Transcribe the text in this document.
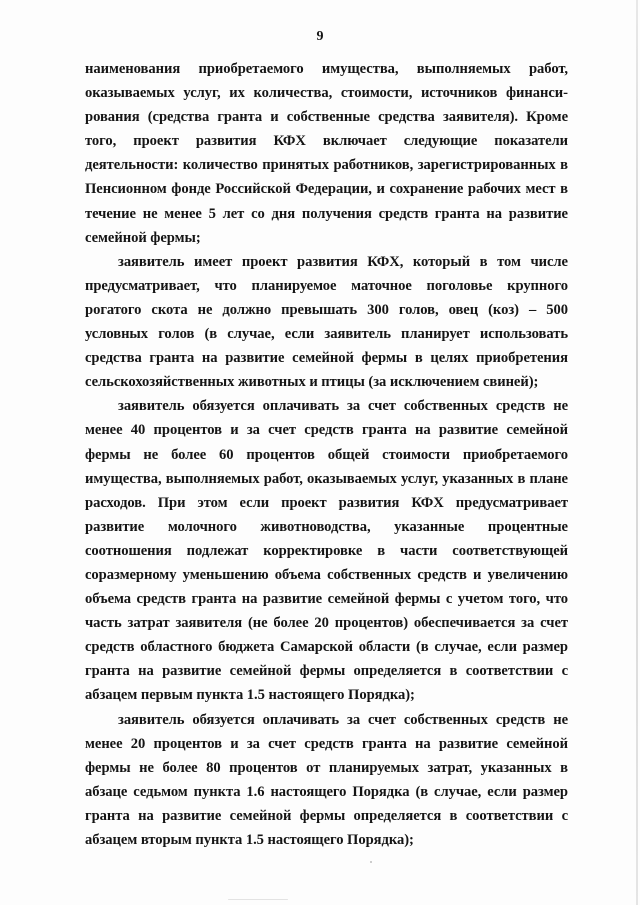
9

наименования приобретаемого имущества, выполняемых работ, оказываемых услуг, их количества, стоимости, источников финансирования (средства гранта и собственные средства заявителя). Кроме того, проект развития КФХ включает следующие показатели деятельности: количество принятых работников, зарегистрированных в Пенсионном фонде Российской Федерации, и сохранение рабочих мест в течение не менее 5 лет со дня получения средств гранта на развитие семейной фермы;

заявитель имеет проект развития КФХ, который в том числе предусматривает, что планируемое маточное поголовье крупного рогатого скота не должно превышать 300 голов, овец (коз) – 500 условных голов (в случае, если заявитель планирует использовать средства гранта на развитие семейной фермы в целях приобретения сельскохозяйственных животных и птицы (за исключением свиней);

заявитель обязуется оплачивать за счет собственных средств не менее 40 процентов и за счет средств гранта на развитие семейной фермы не более 60 процентов общей стоимости приобретаемого имущества, выполняемых работ, оказываемых услуг, указанных в плане расходов. При этом если проект развития КФХ предусматривает развитие молочного животноводства, указанные процентные соотношения подлежат корректировке в части соответствующей соразмерному уменьшению объема собственных средств и увеличению объема средств гранта на развитие семейной фермы с учетом того, что часть затрат заявителя (не более 20 процентов) обеспечивается за счет средств областного бюджета Самарской области (в случае, если размер гранта на развитие семейной фермы определяется в соответствии с абзацем первым пункта 1.5 настоящего Порядка);

заявитель обязуется оплачивать за счет собственных средств не менее 20 процентов и за счет средств гранта на развитие семейной фермы не более 80 процентов от планируемых затрат, указанных в абзаце седьмом пункта 1.6 настоящего Порядка (в случае, если размер гранта на развитие семейной фермы определяется в соответствии с абзацем вторым пункта 1.5 настоящего Порядка);
